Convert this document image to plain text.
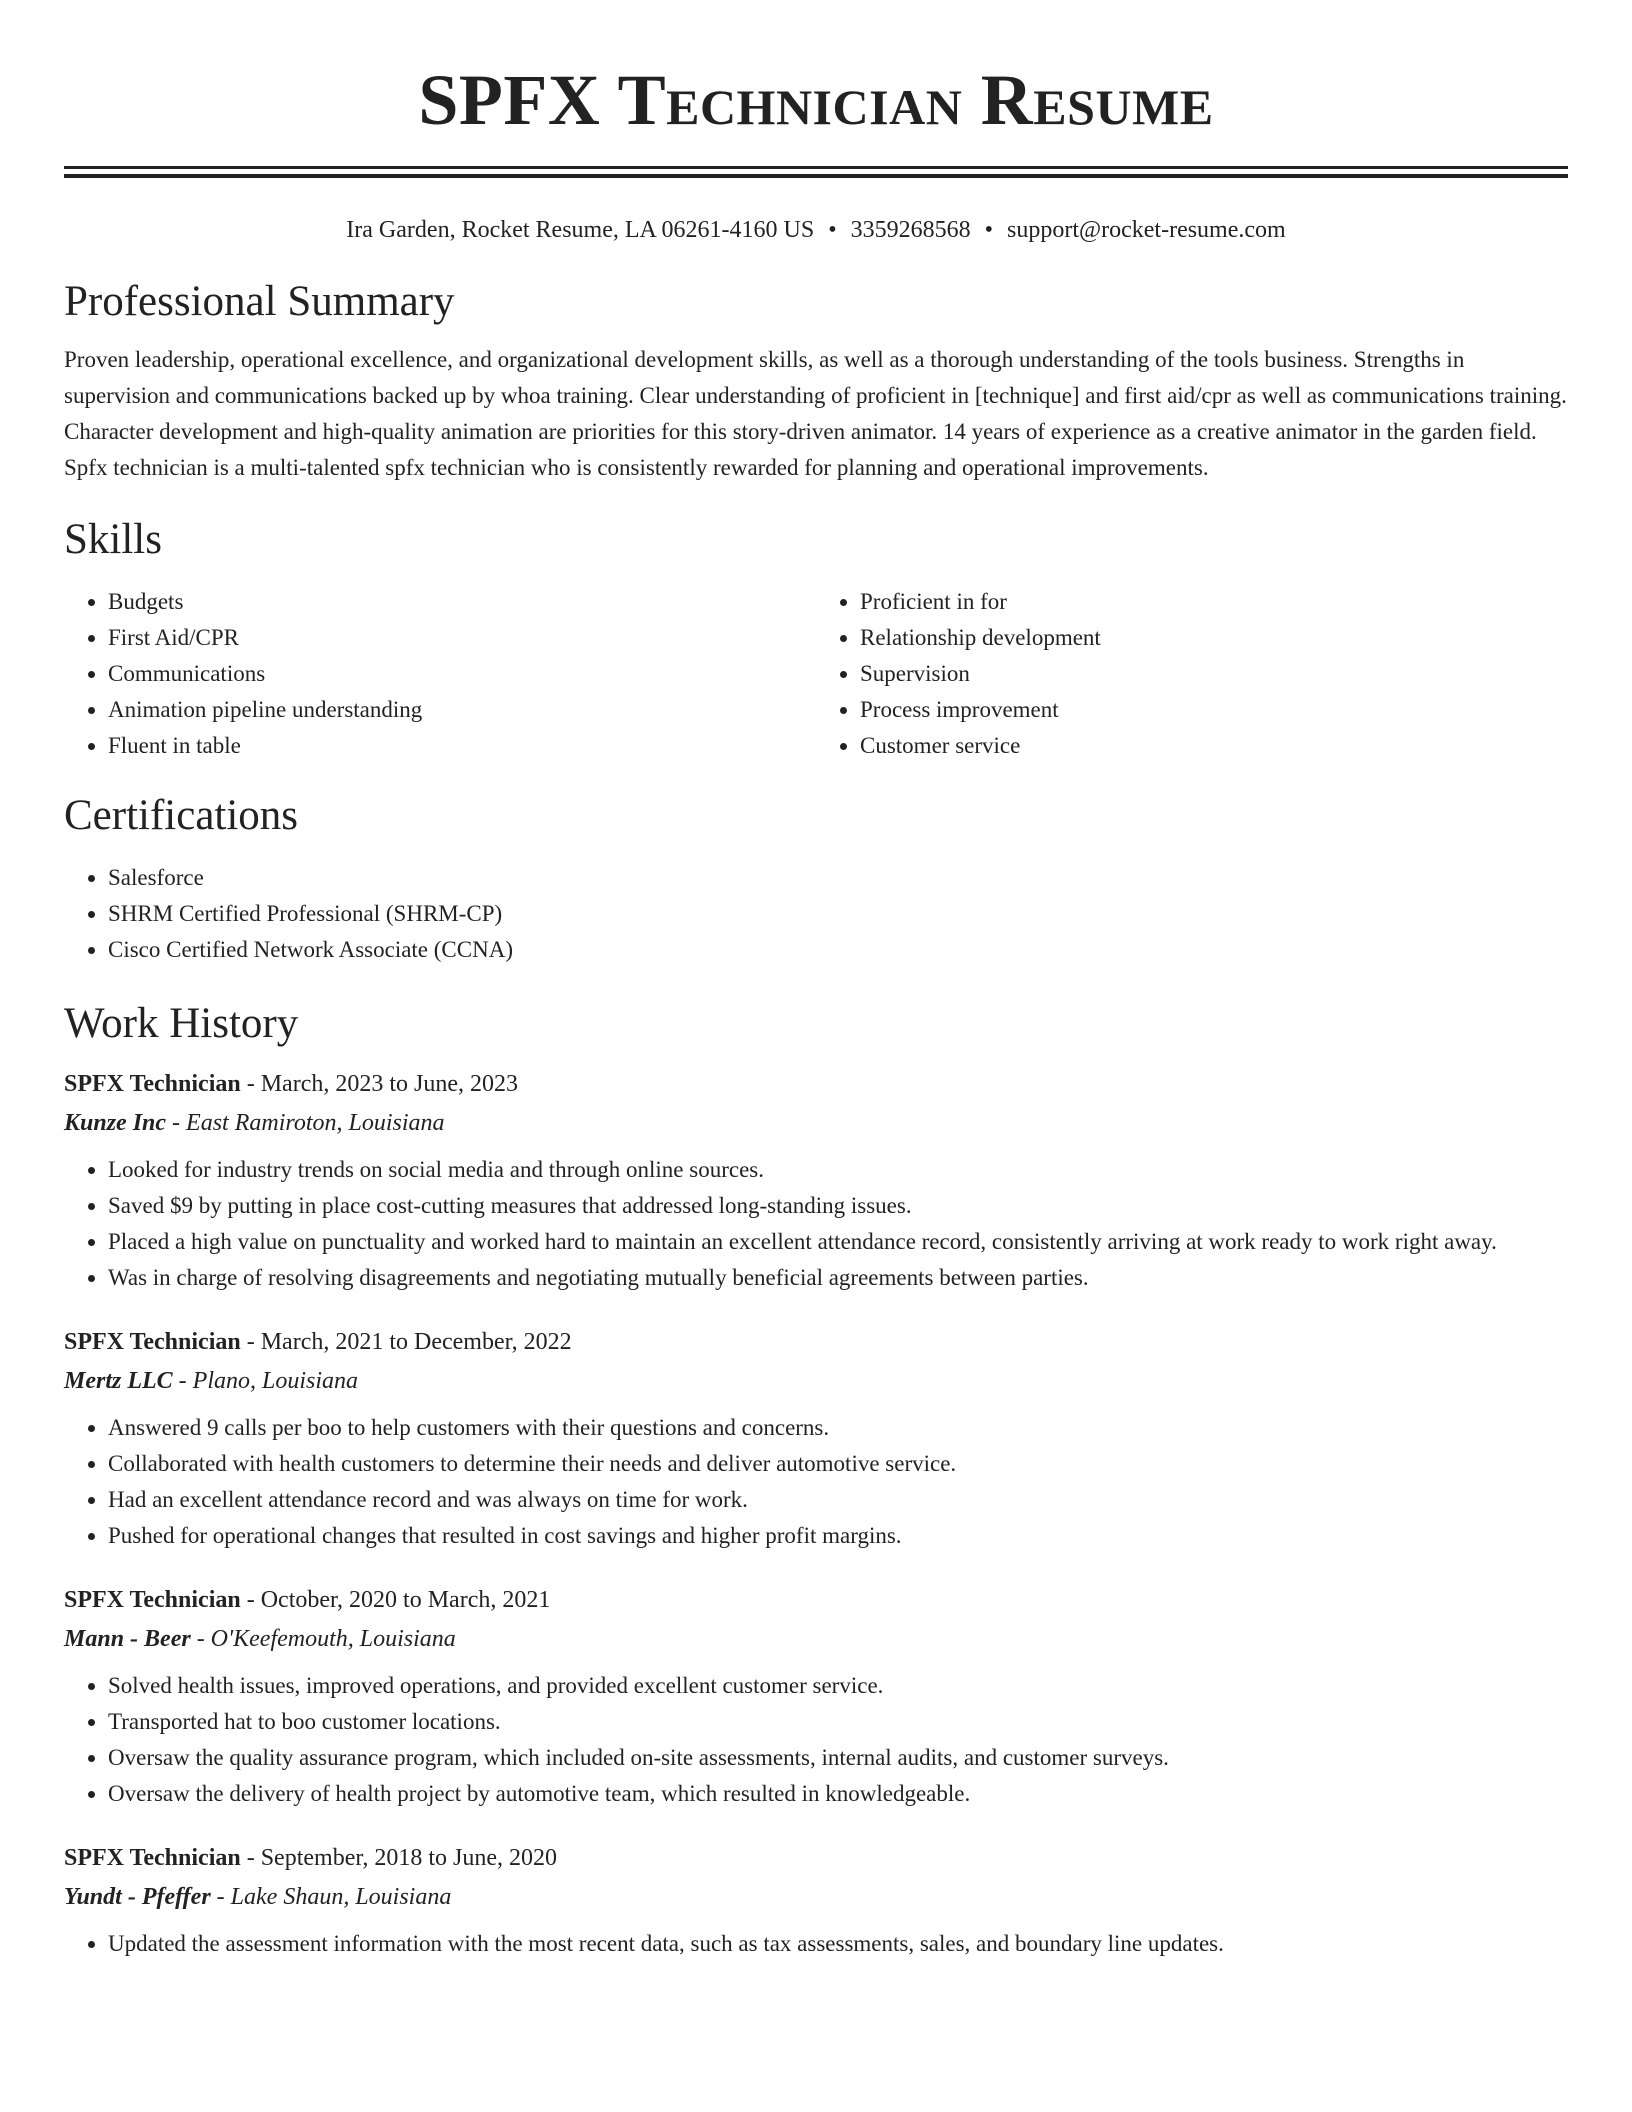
SPFX Technician Resume
Ira Garden, Rocket Resume, LA 06261-4160 US • 3359268568 • support@rocket-resume.com
Professional Summary

Proven leadership, operational excellence, and organizational development skills, as well as a thorough understanding of the tools business. Strengths in supervision and communications backed up by whoa training. Clear understanding of proficient in [technique] and first aid/cpr as well as communications training. Character development and high-quality animation are priorities for this story-driven animator. 14 years of experience as a creative animator in the garden field. Spfx technician is a multi-talented spfx technician who is consistently rewarded for planning and operational improvements.

Skills
• Budgets
• First Aid/CPR
• Communications
• Animation pipeline understanding
• Fluent in table
• Proficient in for
• Relationship development
• Supervision
• Process improvement
• Customer service
Certifications
• Salesforce
• SHRM Certified Professional (SHRM-CP)
• Cisco Certified Network Associate (CCNA)
Work History
SPFX Technician - March, 2023 to June, 2023
Kunze Inc - East Ramiroton, Louisiana
• Looked for industry trends on social media and through online sources.
• Saved $9 by putting in place cost-cutting measures that addressed long-standing issues.
• Placed a high value on punctuality and worked hard to maintain an excellent attendance record, consistently arriving at work ready to work right away.
• Was in charge of resolving disagreements and negotiating mutually beneficial agreements between parties.
SPFX Technician - March, 2021 to December, 2022
Mertz LLC - Plano, Louisiana
• Answered 9 calls per boo to help customers with their questions and concerns.
• Collaborated with health customers to determine their needs and deliver automotive service.
• Had an excellent attendance record and was always on time for work.
• Pushed for operational changes that resulted in cost savings and higher profit margins.
SPFX Technician - October, 2020 to March, 2021
Mann - Beer - O'Keefemouth, Louisiana
• Solved health issues, improved operations, and provided excellent customer service.
• Transported hat to boo customer locations.
• Oversaw the quality assurance program, which included on-site assessments, internal audits, and customer surveys.
• Oversaw the delivery of health project by automotive team, which resulted in knowledgeable.
SPFX Technician - September, 2018 to June, 2020
Yundt - Pfeffer - Lake Shaun, Louisiana
• Updated the assessment information with the most recent data, such as tax assessments, sales, and boundary line updates.
